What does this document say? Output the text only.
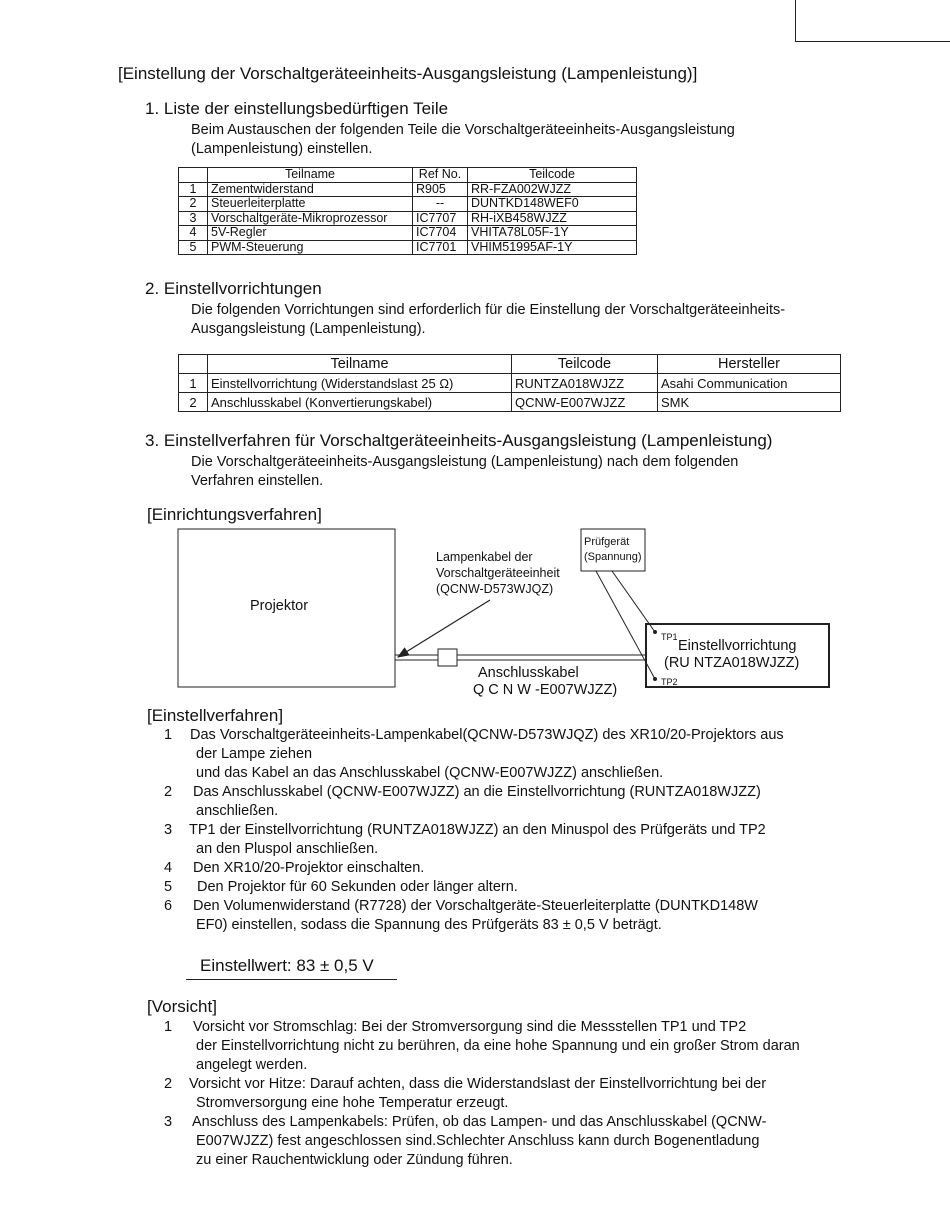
[Einstellung der Vorschaltgeräteeinheits-Ausgangsleistung (Lampenleistung)]
1. Liste der einstellungsbedürftigen Teile
Beim Austauschen der folgenden Teile die Vorschaltgeräteeinheits-Ausgangsleistung
(Lampenleistung) einstellen.
	Teilname	Ref No.	Teilcode
1	Zementwiderstand	R905	RR-FZA002WJZZ
2	Steuerleiterplatte	--	DUNTKD148WEF0
3	Vorschaltgeräte-Mikroprozessor	IC7707	RH-iXB458WJZZ
4	5V-Regler	IC7704	VHITA78L05F-1Y
5	PWM-Steuerung	IC7701	VHIM51995AF-1Y
2. Einstellvorrichtungen
Die folgenden Vorrichtungen sind erforderlich für die Einstellung der Vorschaltgeräteeinheits-
Ausgangsleistung (Lampenleistung).
	Teilname	Teilcode	Hersteller
1	Einstellvorrichtung (Widerstandslast 25 Ω)	RUNTZA018WJZZ	Asahi Communication
2	Anschlusskabel (Konvertierungskabel)	QCNW-E007WJZZ	SMK
3. Einstellverfahren für Vorschaltgeräteeinheits-Ausgangsleistung (Lampenleistung)
Die Vorschaltgeräteeinheits-Ausgangsleistung (Lampenleistung) nach dem folgenden
Verfahren einstellen.
[Einrichtungsverfahren]
Projektor
Lampenkabel der
Vorschaltgeräteeinheit
(QCNW-D573WJQZ)
Prüfgerät
(Spannung)
TP1
TP2
Einstellvorrichtung
(RU NTZA018WJZZ)
Anschlusskabel
Q C N W -E007WJZZ)
[Einstellverfahren]
1 Das Vorschaltgeräteeinheits-Lampenkabel(QCNW-D573WJQZ) des XR10/20-Projektors aus
der Lampe ziehen
und das Kabel an das Anschlusskabel (QCNW-E007WJZZ) anschließen.
2 Das Anschlusskabel (QCNW-E007WJZZ) an die Einstellvorrichtung (RUNTZA018WJZZ)
anschließen.
3 TP1 der Einstellvorrichtung (RUNTZA018WJZZ) an den Minuspol des Prüfgeräts und TP2
an den Pluspol anschließen.
4 Den XR10/20-Projektor einschalten.
5 Den Projektor für 60 Sekunden oder länger altern.
6 Den Volumenwiderstand (R7728) der Vorschaltgeräte-Steuerleiterplatte (DUNTKD148W
EF0) einstellen, sodass die Spannung des Prüfgeräts 83 ± 0,5 V beträgt.
Einstellwert: 83 ± 0,5 V
[Vorsicht]
1 Vorsicht vor Stromschlag: Bei der Stromversorgung sind die Messstellen TP1 und TP2
der Einstellvorrichtung nicht zu berühren, da eine hohe Spannung und ein großer Strom daran
angelegt werden.
2 Vorsicht vor Hitze: Darauf achten, dass die Widerstandslast der Einstellvorrichtung bei der
Stromversorgung eine hohe Temperatur erzeugt.
3 Anschluss des Lampenkabels: Prüfen, ob das Lampen- und das Anschlusskabel (QCNW-
E007WJZZ) fest angeschlossen sind.Schlechter Anschluss kann durch Bogenentladung
zu einer Rauchentwicklung oder Zündung führen.
